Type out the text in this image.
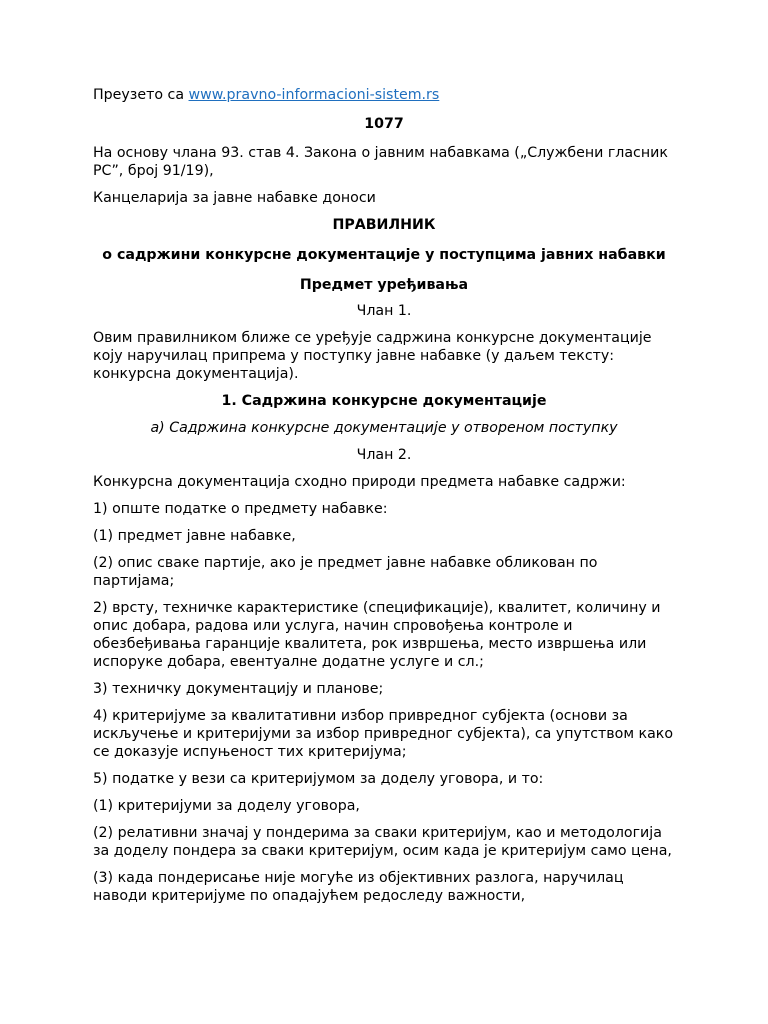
Преузето са www.pravno-informacioni-sistem.rs

1077

На основу члана 93. став 4. Закона о јавним набавкама („Службени гласник РС”, број 91/19),

Канцеларија за јавне набавке доноси

ПРАВИЛНИК

о садржини конкурсне документације у поступцима јавних набавки

Предмет уређивања

Члан 1.

Овим правилником ближе се уређује садржина конкурсне документације коју наручилац припрема у поступку јавне набавке (у даљем тексту: конкурсна документација).

1. Садржина конкурсне документације

а) Садржина конкурсне документације у отвореном поступку

Члан 2.

Конкурсна документација сходно природи предмета набавке садржи:

1) опште податке о предмету набавке:

(1) предмет јавне набавке,

(2) опис сваке партије, ако је предмет јавне набавке обликован по партијама;

2) врсту, техничке карактеристике (спецификације), квалитет, количину и опис добара, радова или услуга, начин спровођења контроле и обезбеђивања гаранције квалитета, рок извршења, место извршења или испоруке добара, евентуалне додатне услуге и сл.;

3) техничку документацију и планове;

4) критеријуме за квалитативни избор привредног субјекта (основи за искључење и критеријуми за избор привредног субјекта), са упутством како се доказује испуњеност тих критеријума;

5) податке у вези са критеријумом за доделу уговора, и то:

(1) критеријуми за доделу уговора,

(2) релативни значај у пондерима за сваки критеријум, као и методологија за доделу пондера за сваки критеријум, осим када је критеријум само цена,

(3) када пондерисање није могуће из објективних разлога, наручилац наводи критеријуме по опадајућем редоследу важности,
